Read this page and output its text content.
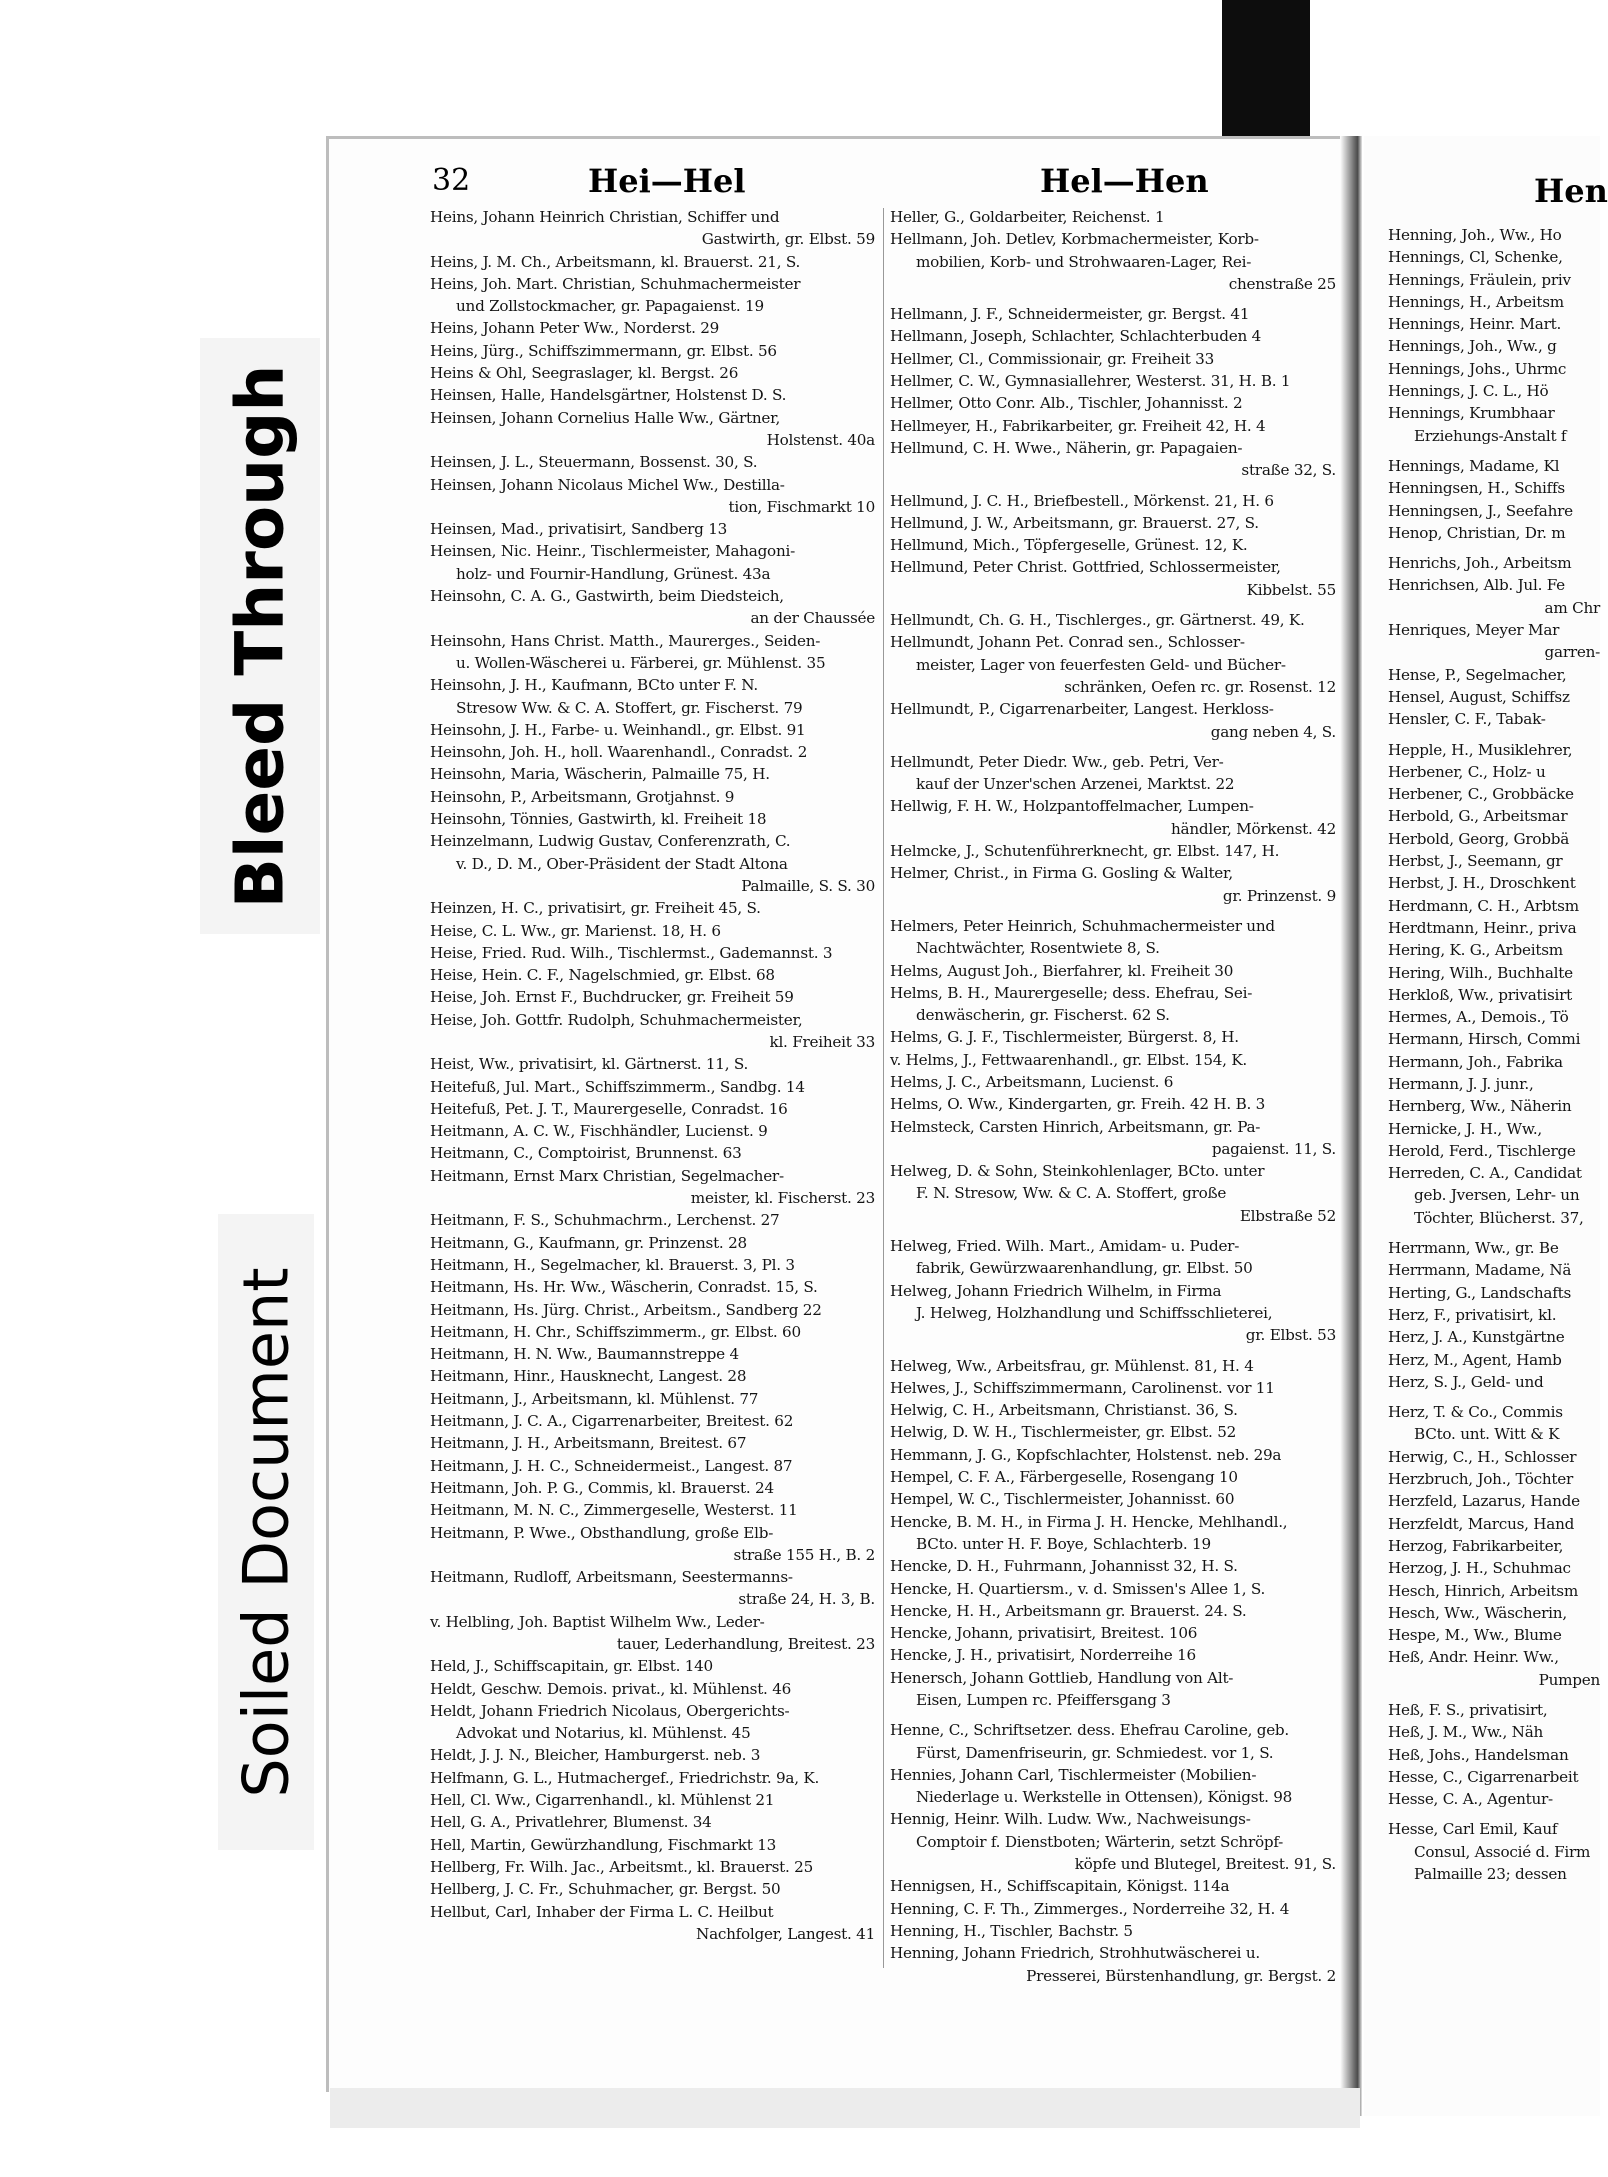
Bleed Through
Soiled Document
32	Hei—Hel	Hel—Hen	Hen
Heins, Johann Heinrich Christian, Schiffer und
Gastwirth, gr. Elbst. 59
Heins, J. M. Ch., Arbeitsmann, kl. Brauerst. 21, S.
Heins, Joh. Mart. Christian, Schuhmachermeister
und Zollstockmacher, gr. Papagaienst. 19
Heins, Johann Peter Ww., Norderst. 29
Heins, Jürg., Schiffszimmermann, gr. Elbst. 56
Heins & Ohl, Seegraslager, kl. Bergst. 26
Heinsen, Halle, Handelsgärtner, Holstenst D. S.
Heinsen, Johann Cornelius Halle Ww., Gärtner,
Holstenst. 40a
Heinsen, J. L., Steuermann, Bossenst. 30, S.
Heinsen, Johann Nicolaus Michel Ww., Destilla-
tion, Fischmarkt 10
Heinsen, Mad., privatisirt, Sandberg 13
Heinsen, Nic. Heinr., Tischlermeister, Mahagoni-
holz- und Fournir-Handlung, Grünest. 43a
Heinsohn, C. A. G., Gastwirth, beim Diedsteich,
an der Chaussée
Heinsohn, Hans Christ. Matth., Maurerges., Seiden-
u. Wollen-Wäscherei u. Färberei, gr. Mühlenst. 35
Heinsohn, J. H., Kaufmann, BCto unter F. N.
Stresow Ww. & C. A. Stoffert, gr. Fischerst. 79
Heinsohn, J. H., Farbe- u. Weinhandl., gr. Elbst. 91
Heinsohn, Joh. H., holl. Waarenhandl., Conradst. 2
Heinsohn, Maria, Wäscherin, Palmaille 75, H.
Heinsohn, P., Arbeitsmann, Grotjahnst. 9
Heinsohn, Tönnies, Gastwirth, kl. Freiheit 18
Heinzelmann, Ludwig Gustav, Conferenzrath, C.
v. D., D. M., Ober-Präsident der Stadt Altona
Palmaille, S. S. 30
Heinzen, H. C., privatisirt, gr. Freiheit 45, S.
Heise, C. L. Ww., gr. Marienst. 18, H. 6
Heise, Fried. Rud. Wilh., Tischlermst., Gademannst. 3
Heise, Hein. C. F., Nagelschmied, gr. Elbst. 68
Heise, Joh. Ernst F., Buchdrucker, gr. Freiheit 59
Heise, Joh. Gottfr. Rudolph, Schuhmachermeister,
kl. Freiheit 33
Heist, Ww., privatisirt, kl. Gärtnerst. 11, S.
Heitefuß, Jul. Mart., Schiffszimmerm., Sandbg. 14
Heitefuß, Pet. J. T., Maurergeselle, Conradst. 16
Heitmann, A. C. W., Fischhändler, Lucienst. 9
Heitmann, C., Comptoirist, Brunnenst. 63
Heitmann, Ernst Marx Christian, Segelmacher-
meister, kl. Fischerst. 23
Heitmann, F. S., Schuhmachrm., Lerchenst. 27
Heitmann, G., Kaufmann, gr. Prinzenst. 28
Heitmann, H., Segelmacher, kl. Brauerst. 3, Pl. 3
Heitmann, Hs. Hr. Ww., Wäscherin, Conradst. 15, S.
Heitmann, Hs. Jürg. Christ., Arbeitsm., Sandberg 22
Heitmann, H. Chr., Schiffszimmerm., gr. Elbst. 60
Heitmann, H. N. Ww., Baumannstreppe 4
Heitmann, Hinr., Hausknecht, Langest. 28
Heitmann, J., Arbeitsmann, kl. Mühlenst. 77
Heitmann, J. C. A., Cigarrenarbeiter, Breitest. 62
Heitmann, J. H., Arbeitsmann, Breitest. 67
Heitmann, J. H. C., Schneidermeist., Langest. 87
Heitmann, Joh. P. G., Commis, kl. Brauerst. 24
Heitmann, M. N. C., Zimmergeselle, Westerst. 11
Heitmann, P. Wwe., Obsthandlung, große Elb-
straße 155 H., B. 2
Heitmann, Rudloff, Arbeitsmann, Seestermanns-
straße 24, H. 3, B.
v. Helbling, Joh. Baptist Wilhelm Ww., Leder-
tauer, Lederhandlung, Breitest. 23
Held, J., Schiffscapitain, gr. Elbst. 140
Heldt, Geschw. Demois. privat., kl. Mühlenst. 46
Heldt, Johann Friedrich Nicolaus, Obergerichts-
Advokat und Notarius, kl. Mühlenst. 45
Heldt, J. J. N., Bleicher, Hamburgerst. neb. 3
Helfmann, G. L., Hutmachergef., Friedrichstr. 9a, K.
Hell, Cl. Ww., Cigarrenhandl., kl. Mühlenst 21
Hell, G. A., Privatlehrer, Blumenst. 34
Hell, Martin, Gewürzhandlung, Fischmarkt 13
Hellberg, Fr. Wilh. Jac., Arbeitsmt., kl. Brauerst. 25
Hellberg, J. C. Fr., Schuhmacher, gr. Bergst. 50
Hellbut, Carl, Inhaber der Firma L. C. Heilbut
Nachfolger, Langest. 41
Heller, G., Goldarbeiter, Reichenst. 1
Hellmann, Joh. Detlev, Korbmachermeister, Korb-
mobilien, Korb- und Strohwaaren-Lager, Rei-
chenstraße 25
Hellmann, J. F., Schneidermeister, gr. Bergst. 41
Hellmann, Joseph, Schlachter, Schlachterbuden 4
Hellmer, Cl., Commissionair, gr. Freiheit 33
Hellmer, C. W., Gymnasiallehrer, Westerst. 31, H. B. 1
Hellmer, Otto Conr. Alb., Tischler, Johannisst. 2
Hellmeyer, H., Fabrikarbeiter, gr. Freiheit 42, H. 4
Hellmund, C. H. Wwe., Näherin, gr. Papagaien-
straße 32, S.
Hellmund, J. C. H., Briefbestell., Mörkenst. 21, H. 6
Hellmund, J. W., Arbeitsmann, gr. Brauerst. 27, S.
Hellmund, Mich., Töpfergeselle, Grünest. 12, K.
Hellmund, Peter Christ. Gottfried, Schlossermeister,
Kibbelst. 55
Hellmundt, Ch. G. H., Tischlerges., gr. Gärtnerst. 49, K.
Hellmundt, Johann Pet. Conrad sen., Schlosser-
meister, Lager von feuerfesten Geld- und Bücher-
schränken, Oefen rc. gr. Rosenst. 12
Hellmundt, P., Cigarrenarbeiter, Langest. Herkloss-
gang neben 4, S.
Hellmundt, Peter Diedr. Ww., geb. Petri, Ver-
kauf der Unzer'schen Arzenei, Marktst. 22
Hellwig, F. H. W., Holzpantoffelmacher, Lumpen-
händler, Mörkenst. 42
Helmcke, J., Schutenführerknecht, gr. Elbst. 147, H.
Helmer, Christ., in Firma G. Gosling & Walter,
gr. Prinzenst. 9
Helmers, Peter Heinrich, Schuhmachermeister und
Nachtwächter, Rosentwiete 8, S.
Helms, August Joh., Bierfahrer, kl. Freiheit 30
Helms, B. H., Maurergeselle; dess. Ehefrau, Sei-
denwäscherin, gr. Fischerst. 62 S.
Helms, G. J. F., Tischlermeister, Bürgerst. 8, H.
v. Helms, J., Fettwaarenhandl., gr. Elbst. 154, K.
Helms, J. C., Arbeitsmann, Lucienst. 6
Helms, O. Ww., Kindergarten, gr. Freih. 42 H. B. 3
Helmsteck, Carsten Hinrich, Arbeitsmann, gr. Pa-
pagaienst. 11, S.
Helweg, D. & Sohn, Steinkohlenlager, BCto. unter
F. N. Stresow, Ww. & C. A. Stoffert, große
Elbstraße 52
Helweg, Fried. Wilh. Mart., Amidam- u. Puder-
fabrik, Gewürzwaarenhandlung, gr. Elbst. 50
Helweg, Johann Friedrich Wilhelm, in Firma
J. Helweg, Holzhandlung und Schiffsschlieterei,
gr. Elbst. 53
Helweg, Ww., Arbeitsfrau, gr. Mühlenst. 81, H. 4
Helwes, J., Schiffszimmermann, Carolinenst. vor 11
Helwig, C. H., Arbeitsmann, Christianst. 36, S.
Helwig, D. W. H., Tischlermeister, gr. Elbst. 52
Hemmann, J. G., Kopfschlachter, Holstenst. neb. 29a
Hempel, C. F. A., Färbergeselle, Rosengang 10
Hempel, W. C., Tischlermeister, Johannisst. 60
Hencke, B. M. H., in Firma J. H. Hencke, Mehlhandl.,
BCto. unter H. F. Boye, Schlachterb. 19
Hencke, D. H., Fuhrmann, Johannisst 32, H. S.
Hencke, H. Quartiersm., v. d. Smissen's Allee 1, S.
Hencke, H. H., Arbeitsmann gr. Brauerst. 24. S.
Hencke, Johann, privatisirt, Breitest. 106
Hencke, J. H., privatisirt, Norderreihe 16
Henersch, Johann Gottlieb, Handlung von Alt-
Eisen, Lumpen rc. Pfeiffersgang 3
Henne, C., Schriftsetzer. dess. Ehefrau Caroline, geb.
Fürst, Damenfriseurin, gr. Schmiedest. vor 1, S.
Hennies, Johann Carl, Tischlermeister (Mobilien-
Niederlage u. Werkstelle in Ottensen), Königst. 98
Hennig, Heinr. Wilh. Ludw. Ww., Nachweisungs-
Comptoir f. Dienstboten; Wärterin, setzt Schröpf-
köpfe und Blutegel, Breitest. 91, S.
Hennigsen, H., Schiffscapitain, Königst. 114a
Henning, C. F. Th., Zimmerges., Norderreihe 32, H. 4
Henning, H., Tischler, Bachstr. 5
Henning, Johann Friedrich, Strohhutwäscherei u.
Presserei, Bürstenhandlung, gr. Bergst. 2
Henning, Joh., Ww., Ho
Hennings, Cl, Schenke,
Hennings, Fräulein, priv
Hennings, H., Arbeitsm
Hennings, Heinr. Mart.
Hennings, Joh., Ww., g
Hennings, Johs., Uhrmc
Hennings, J. C. L., Hö
Hennings, Krumbhaar
Erziehungs-Anstalt f
Hennings, Madame, Kl
Henningsen, H., Schiffs
Henningsen, J., Seefahre
Henop, Christian, Dr. m
Henrichs, Joh., Arbeitsm
Henrichsen, Alb. Jul. Fe
am Chr
Henriques, Meyer Mar
garren-
Hense, P., Segelmacher,
Hensel, August, Schiffsz
Hensler, C. F., Tabak-
Hepple, H., Musiklehrer,
Herbener, C., Holz- u
Herbener, C., Grobbäcke
Herbold, G., Arbeitsmar
Herbold, Georg, Grobbä
Herbst, J., Seemann, gr
Herbst, J. H., Droschkent
Herdmann, C. H., Arbtsm
Herdtmann, Heinr., priva
Hering, K. G., Arbeitsm
Hering, Wilh., Buchhalte
Herkloß, Ww., privatisirt
Hermes, A., Demois., Tö
Hermann, Hirsch, Commi
Hermann, Joh., Fabrika
Hermann, J. J. junr.,
Hernberg, Ww., Näherin
Hernicke, J. H., Ww.,
Herold, Ferd., Tischlerge
Herreden, C. A., Candidat
geb. Jversen, Lehr- un
Töchter, Blücherst. 37,
Herrmann, Ww., gr. Be
Herrmann, Madame, Nä
Herting, G., Landschafts
Herz, F., privatisirt, kl.
Herz, J. A., Kunstgärtne
Herz, M., Agent, Hamb
Herz, S. J., Geld- und
Herz, T. & Co., Commis
BCto. unt. Witt & K
Herwig, C., H., Schlosser
Herzbruch, Joh., Töchter
Herzfeld, Lazarus, Hande
Herzfeldt, Marcus, Hand
Herzog, Fabrikarbeiter,
Herzog, J. H., Schuhmac
Hesch, Hinrich, Arbeitsm
Hesch, Ww., Wäscherin,
Hespe, M., Ww., Blume
Heß, Andr. Heinr. Ww.,
Pumpen
Heß, F. S., privatisirt,
Heß, J. M., Ww., Näh
Heß, Johs., Handelsman
Hesse, C., Cigarrenarbeit
Hesse, C. A., Agentur-
Hesse, Carl Emil, Kauf
Consul, Associé d. Firm
Palmaille 23; dessen
